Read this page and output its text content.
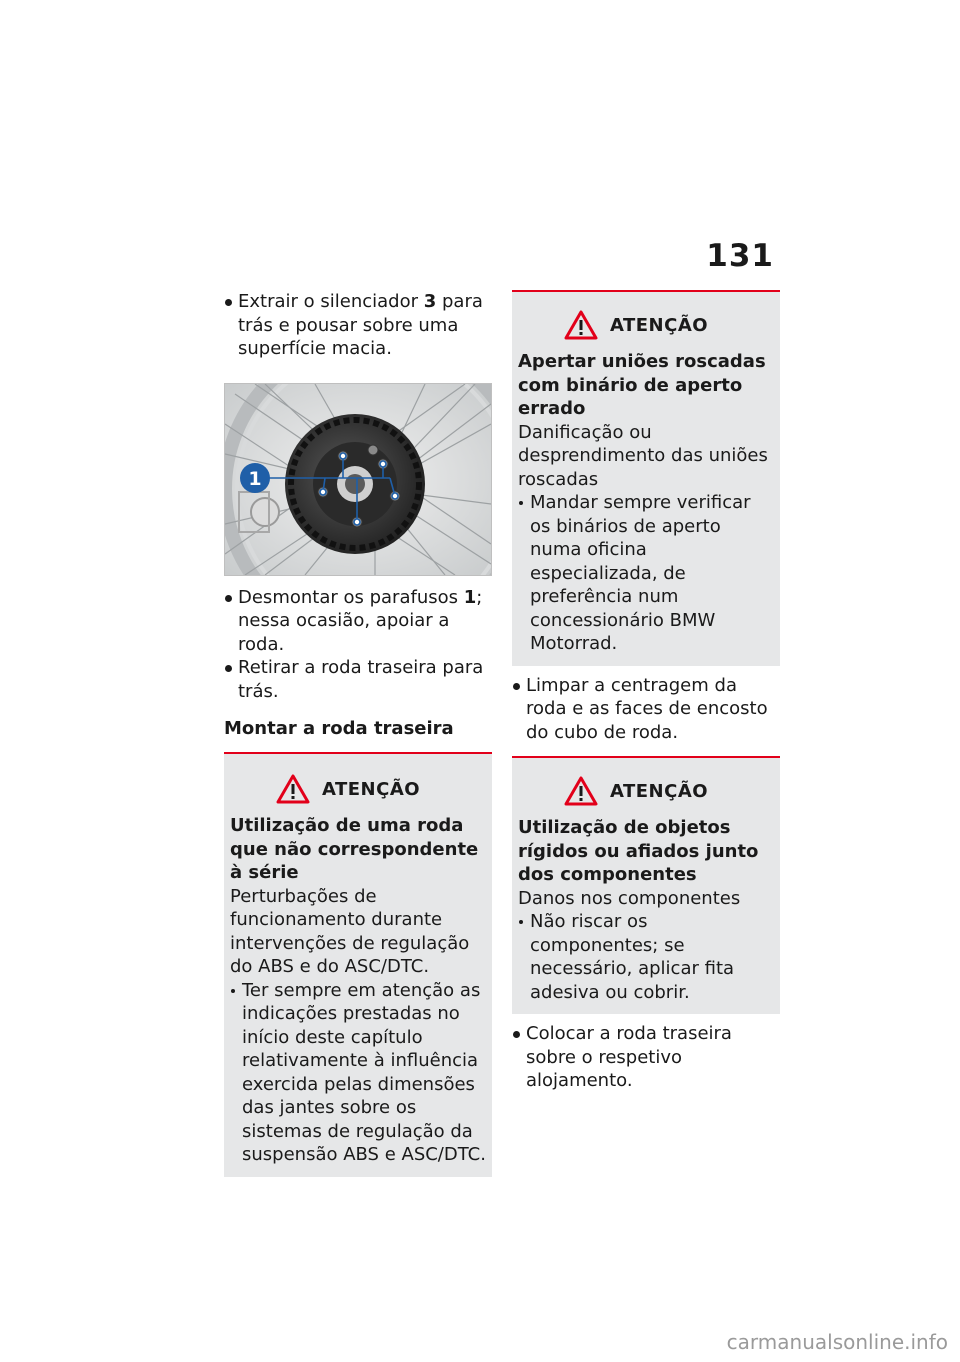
131
Extrair o silenciador 3 para trás e pousar sobre uma superfície macia.
1
Desmontar os parafusos 1; nessa ocasião, apoiar a roda.
Retirar a roda traseira para trás.
Montar a roda traseira
ATENÇÃO
Utilização de uma roda que não correspondente à série
Perturbações de funcionamento durante intervenções de regulação do ABS e do ASC/DTC.
Ter sempre em atenção as indicações prestadas no início deste capítulo relativamente à influência exercida pelas dimensões das jantes sobre os sistemas de regulação da suspensão ABS e ASC/DTC.
ATENÇÃO
Apertar uniões roscadas com binário de aperto errado
Danificação ou desprendimento das uniões roscadas
Mandar sempre verificar os binários de aperto numa oficina especializada, de preferência num concessionário BMW Motorrad.
Limpar a centragem da roda e as faces de encosto do cubo de roda.
ATENÇÃO
Utilização de objetos rígidos ou afiados junto dos componentes
Danos nos componentes
Não riscar os componentes; se necessário, aplicar fita adesiva ou cobrir.
Colocar a roda traseira sobre o respetivo alojamento.
carmanualsonline.info
